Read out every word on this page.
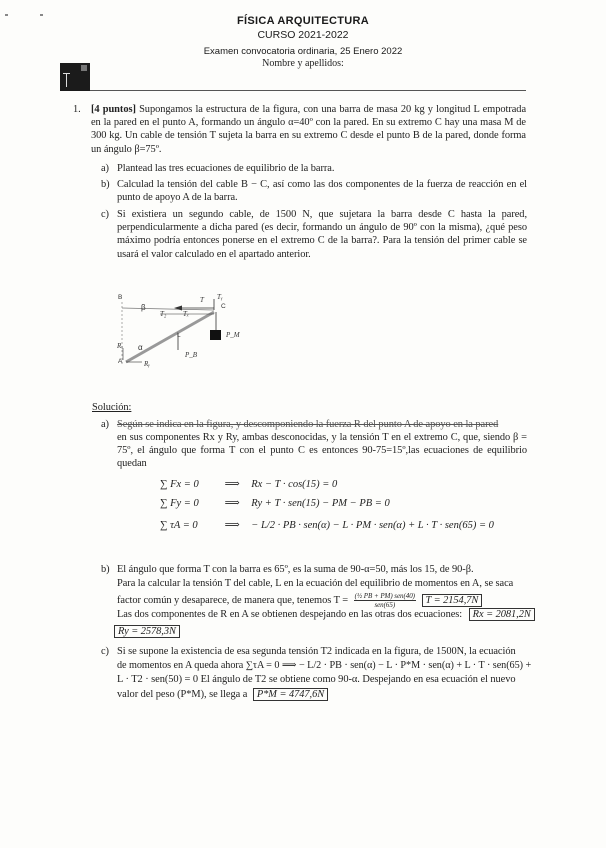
FÍSICA ARQUITECTURA
CURSO 2021-2022
Examen convocatoria ordinaria, 25 Enero 2022
Nombre y apellidos:
1. [4 puntos] Supongamos la estructura de la figura, con una barra de masa 20 kg y longitud L empotrada en la pared en el punto A, formando un ángulo α=40º con la pared. En su extremo C hay una masa M de 300 kg. Un cable de tensión T sujeta la barra en su extremo C desde el punto B de la pared, donde forma un ángulo β=75º.
a) Plantead las tres ecuaciones de equilibrio de la barra.
b) Calculad la tensión del cable B − C, así como las dos componentes de la fuerza de reacción en el punto de apoyo A de la barra.
c) Si existiera un segundo cable, de 1500 N, que sujetara la barra desde C hasta la pared, perpendicularmente a dicha pared (es decir, formando un ángulo de 90º con la misma), ¿qué peso máximo podría entonces ponerse en el extremo C de la barra?. Para la tensión del primer cable se usará el valor calculado en el apartado anterior.
B
β
T Tᵧ
T₂ Tₓ
C
L	P_M
Rₓ α
P_B
A	Rᵧ
Solución:
a) Según se indica en la figura, y descomponiendo la fuerza R del punto A de apoyo en la pared
en sus componentes Rx y Ry, ambas desconocidas, y la tensión T en el extremo C, que, siendo β = 75º, el ángulo que forma T con el punto C es entonces 90-75=15º,las ecuaciones de equilibrio quedan
∑ Fx = 0 ⟹ Rx − T · cos(15) = 0
∑ Fy = 0 ⟹ Ry + T · sen(15) − PM − PB = 0
∑ τA = 0	⟹ − L/2 · PB · sen(α) − L · PM · sen(α) + L · T · sen(65) = 0
b) El ángulo que forma T con la barra es 65º, es la suma de 90-α=50, más los 15, de 90-β.
Para la calcular la tensión T del cable, L en la ecuación del equilibrio de momentos en A, se saca
factor común y desaparece, de manera que, tenemos T = (½ PB + PM) sen(40)
sen(65)	T = 2154,7N
Las dos componentes de R en A se obtienen despejando en las otras dos ecuaciones: Rx = 2081,2N
Ry = 2578,3N
c) Si se supone la existencia de esa segunda tensión T2 indicada en la figura, de 1500N, la ecuación
de momentos en A queda ahora ∑τA = 0 ⟹ − L/2 · PB · sen(α) − L · P*M · sen(α) + L · T · sen(65) +
L · T2 · sen(50) = 0 El ángulo de T2 se obtiene como 90-α. Despejando en esa ecuación el nuevo
valor del peso (P*M), se llega a P*M = 4747,6N
